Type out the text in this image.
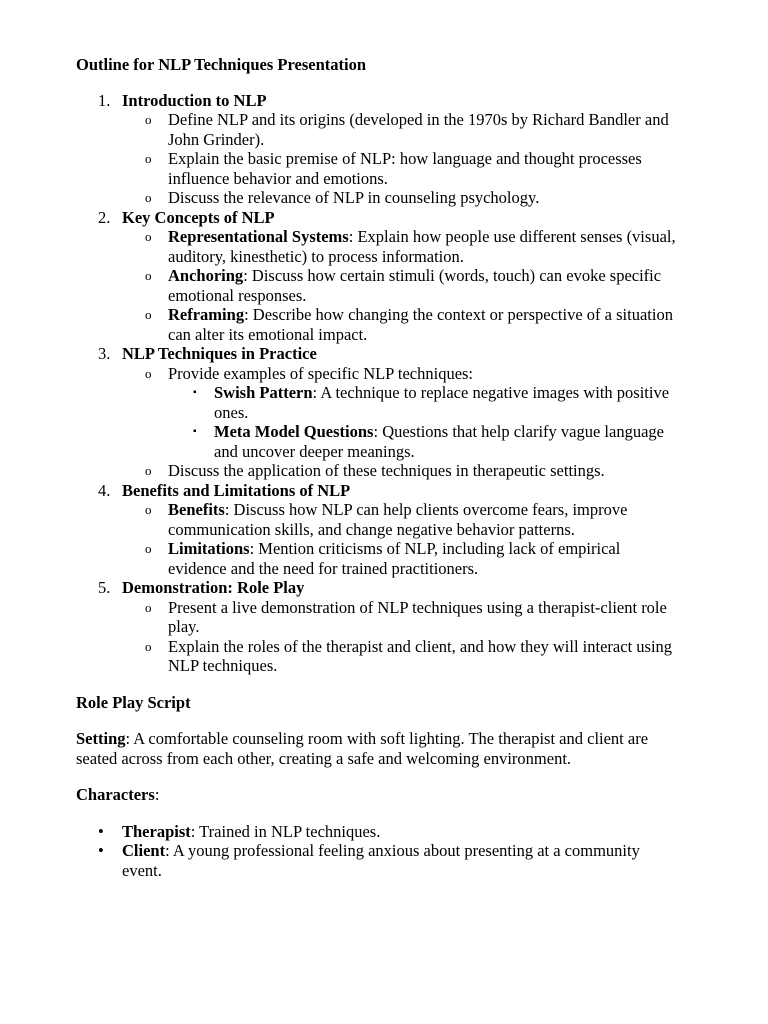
Outline for NLP Techniques Presentation
1. Introduction to NLP
o Define NLP and its origins (developed in the 1970s by Richard Bandler and John Grinder).
o Explain the basic premise of NLP: how language and thought processes influence behavior and emotions.
o Discuss the relevance of NLP in counseling psychology.
2. Key Concepts of NLP
o Representational Systems: Explain how people use different senses (visual, auditory, kinesthetic) to process information.
o Anchoring: Discuss how certain stimuli (words, touch) can evoke specific emotional responses.
o Reframing: Describe how changing the context or perspective of a situation can alter its emotional impact.
3. NLP Techniques in Practice
o Provide examples of specific NLP techniques:
▪ Swish Pattern: A technique to replace negative images with positive ones.
▪ Meta Model Questions: Questions that help clarify vague language and uncover deeper meanings.
o Discuss the application of these techniques in therapeutic settings.
4. Benefits and Limitations of NLP
o Benefits: Discuss how NLP can help clients overcome fears, improve communication skills, and change negative behavior patterns.
o Limitations: Mention criticisms of NLP, including lack of empirical evidence and the need for trained practitioners.
5. Demonstration: Role Play
o Present a live demonstration of NLP techniques using a therapist-client role play.
o Explain the roles of the therapist and client, and how they will interact using NLP techniques.
Role Play Script

Setting: A comfortable counseling room with soft lighting. The therapist and client are seated across from each other, creating a safe and welcoming environment.

Characters:

• Therapist: Trained in NLP techniques.
• Client: A young professional feeling anxious about presenting at a community event.
